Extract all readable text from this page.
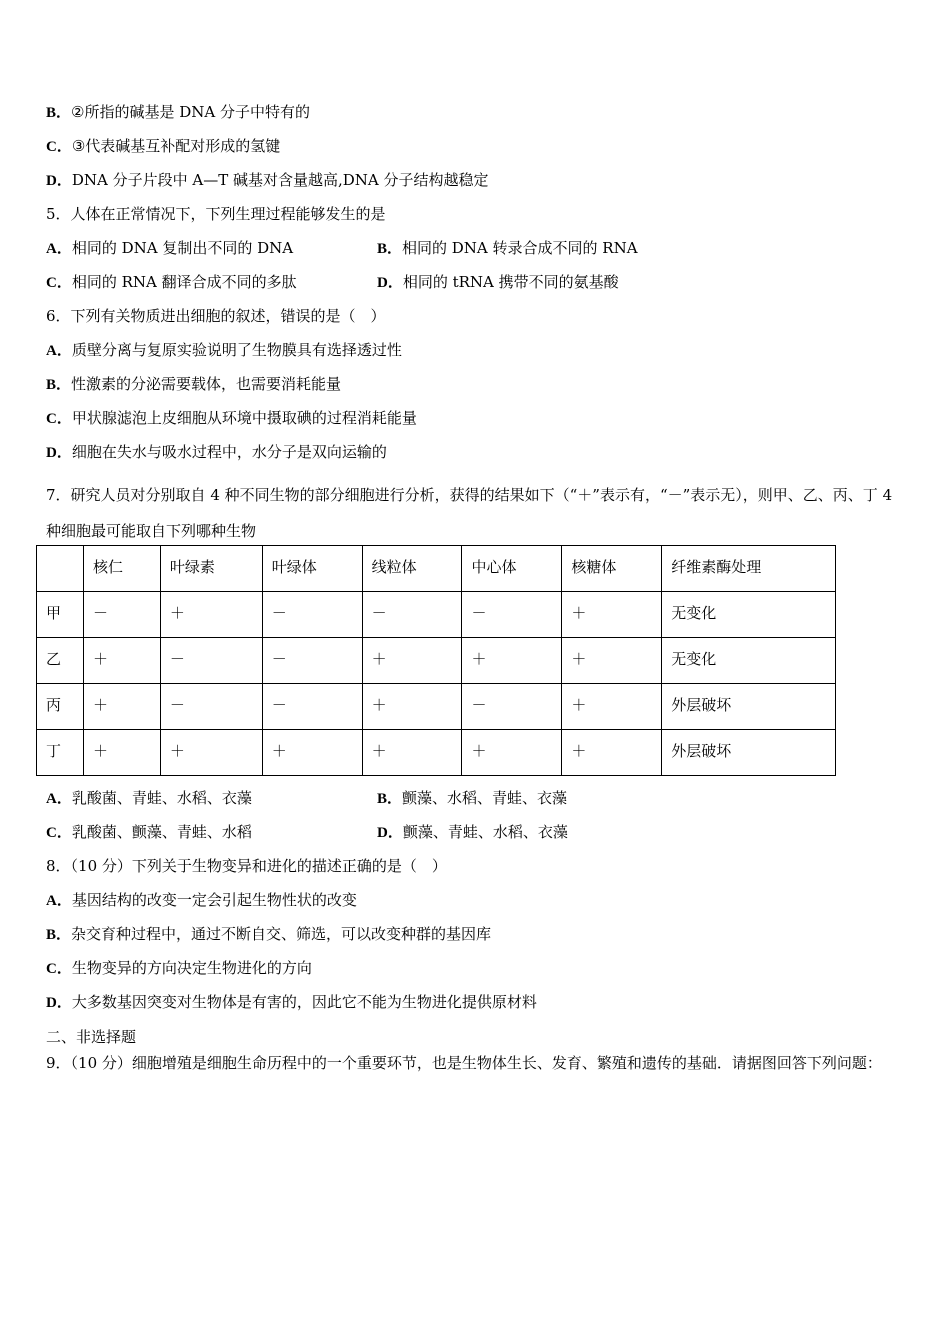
B．②所指的碱基是 DNA 分子中特有的
C．③代表碱基互补配对形成的氢键
D．DNA 分子片段中 A—T 碱基对含量越高,DNA 分子结构越稳定
5．人体在正常情况下，下列生理过程能够发生的是
A．相同的 DNA 复制出不同的 DNA	B．相同的 DNA 转录合成不同的 RNA
C．相同的 RNA 翻译合成不同的多肽	D．相同的 tRNA 携带不同的氨基酸
6．下列有关物质进出细胞的叙述，错误的是（　）
A．质壁分离与复原实验说明了生物膜具有选择透过性
B．性激素的分泌需要载体，也需要消耗能量
C．甲状腺滤泡上皮细胞从环境中摄取碘的过程消耗能量
D．细胞在失水与吸水过程中，水分子是双向运输的
7．研究人员对分别取自 4 种不同生物的部分细胞进行分析，获得的结果如下（“＋”表示有，“－”表示无），则甲、乙、丙、丁 4 种细胞最可能取自下列哪种生物
	核仁	叶绿素	叶绿体	线粒体	中心体	核糖体	纤维素酶处理
甲	－	＋	－	－	－	＋	无变化
乙	＋	－	－	＋	＋	＋	无变化
丙	＋	－	－	＋	－	＋	外层破坏
丁	＋	＋	＋	＋	＋	＋	外层破坏
A．乳酸菌、青蛙、水稻、衣藻	B．颤藻、水稻、青蛙、衣藻
C．乳酸菌、颤藻、青蛙、水稻	D．颤藻、青蛙、水稻、衣藻
8．（10 分）下列关于生物变异和进化的描述正确的是（　）
A．基因结构的改变一定会引起生物性状的改变
B．杂交育种过程中，通过不断自交、筛选，可以改变种群的基因库
C．生物变异的方向决定生物进化的方向
D．大多数基因突变对生物体是有害的，因此它不能为生物进化提供原材料
二、非选择题
9．（10 分）细胞增殖是细胞生命历程中的一个重要环节，也是生物体生长、发育、繁殖和遗传的基础．请据图回答下列问题：
